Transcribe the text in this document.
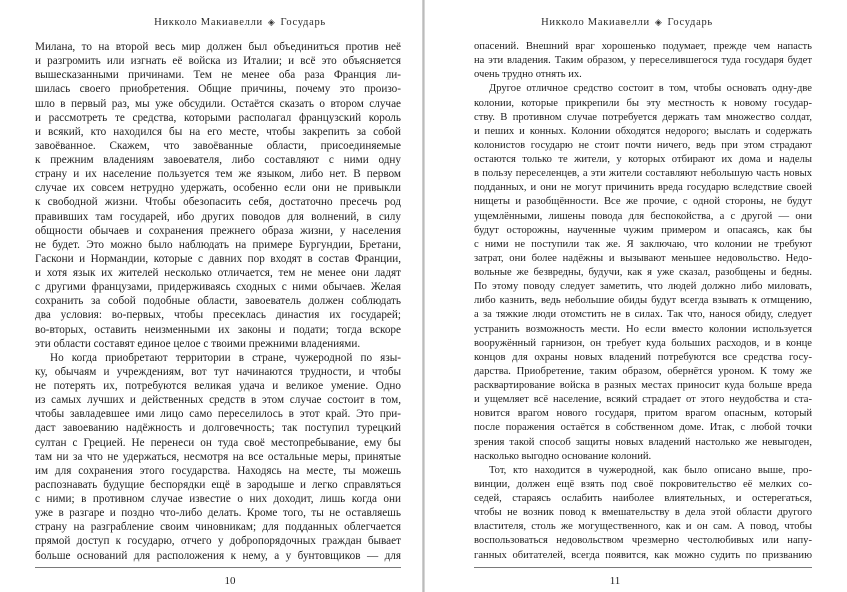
Никколо Макиавелли ◈ Государь
Милана, то на второй весь мир должен был объединиться против неё
и разгромить или изгнать её войска из Италии; и всё это объясняется
вышесказанными причинами. Тем не менее оба раза Франция ли-
шилась своего приобретения. Общие причины, почему это произо-
шло в первый раз, мы уже обсудили. Остаётся сказать о втором случае
и рассмотреть те средства, которыми располагал французский король
и всякий, кто находился бы на его месте, чтобы закрепить за собой
завоёванное. Скажем, что завоёванные области, присоединяемые
к прежним владениям завоевателя, либо составляют с ними одну
страну и их население пользуется тем же языком, либо нет. В первом
случае их совсем нетрудно удержать, особенно если они не привыкли
к свободной жизни. Чтобы обезопасить себя, достаточно пресечь род
правивших там государей, ибо других поводов для волнений, в силу
общности обычаев и сохранения прежнего образа жизни, у населения
не будет. Это можно было наблюдать на примере Бургундии, Бретани,
Гаскони и Нормандии, которые с давних пор входят в состав Франции,
и хотя язык их жителей несколько отличается, тем не менее они ладят
с другими французами, придерживаясь сходных с ними обычаев. Желая
сохранить за собой подобные области, завоеватель должен соблюдать
два условия: во-первых, чтобы пресеклась династия их государей;
во-вторых, оставить неизменными их законы и подати; тогда вскоре
эти области составят единое целое с твоими прежними владениями.
Но когда приобретают территории в стране, чужеродной по язы-
ку, обычаям и учреждениям, вот тут начинаются трудности, и чтобы
не потерять их, потребуются великая удача и великое умение. Одно
из самых лучших и действенных средств в этом случае состоит в том,
чтобы завладевшее ими лицо само переселилось в этот край. Это при-
даст завоеванию надёжность и долговечность; так поступил турецкий
султан с Грецией. Не перенеси он туда своё местопребывание, ему бы
там ни за что не удержаться, несмотря на все остальные меры, принятые
им для сохранения этого государства. Находясь на месте, ты можешь
распознавать будущие беспорядки ещё в зародыше и легко справляться
с ними; в противном случае известие о них доходит, лишь когда они
уже в разгаре и поздно что-либо делать. Кроме того, ты не оставляешь
страну на разграбление своим чиновникам; для подданных облегчается
прямой доступ к государю, отчего у добропорядочных граждан бывает
больше оснований для расположения к нему, а у бунтовщиков — для
10
Никколо Макиавелли ◈ Государь
опасений. Внешний враг хорошенько подумает, прежде чем напасть
на эти владения. Таким образом, у переселившегося туда государя будет
очень трудно отнять их.
Другое отличное средство состоит в том, чтобы основать одну-две
колонии, которые прикрепили бы эту местность к новому государ-
ству. В противном случае потребуется держать там множество солдат,
и пеших и конных. Колонии обходятся недорого; выслать и содержать
колонистов государю не стоит почти ничего, ведь при этом страдают
остаются только те жители, у которых отбирают их дома и наделы
в пользу переселенцев, а эти жители составляют небольшую часть новых
подданных, и они не могут причинить вреда государю вследствие своей
нищеты и разобщённости. Все же прочие, с одной стороны, не будут
ущемлёнными, лишены повода для беспокойства, а с другой — они
будут осторожны, наученные чужим примером и опасаясь, как бы
с ними не поступили так же. Я заключаю, что колонии не требуют
затрат, они более надёжны и вызывают меньшее недовольство. Недо-
вольные же безвредны, будучи, как я уже сказал, разобщены и бедны.
По этому поводу следует заметить, что людей должно либо миловать,
либо казнить, ведь небольшие обиды будут всегда взывать к отмщению,
а за тяжкие люди отомстить не в силах. Так что, нанося обиду, следует
устранить возможность мести. Но если вместо колонии используется
вооружённый гарнизон, он требует куда больших расходов, и в конце
концов для охраны новых владений потребуются все средства госу-
дарства. Приобретение, таким образом, обернётся уроном. К тому же
расквартирование войска в разных местах приносит куда больше вреда
и ущемляет всё население, всякий страдает от этого неудобства и ста-
новится врагом нового государя, притом врагом опасным, который
после поражения остаётся в собственном доме. Итак, с любой точки
зрения такой способ защиты новых владений настолько же невыгоден,
насколько выгодно основание колоний.
Тот, кто находится в чужеродной, как было описано выше, про-
винции, должен ещё взять под своё покровительство её мелких со-
седей, стараясь ослабить наиболее влиятельных, и остерегаться,
чтобы не возник повод к вмешательству в дела этой области другого
властителя, столь же могущественного, как и он сам. А повод, чтобы
воспользоваться недовольством чрезмерно честолюбивых или напу-
ганных обитателей, всегда появится, как можно судить по призванию
11
